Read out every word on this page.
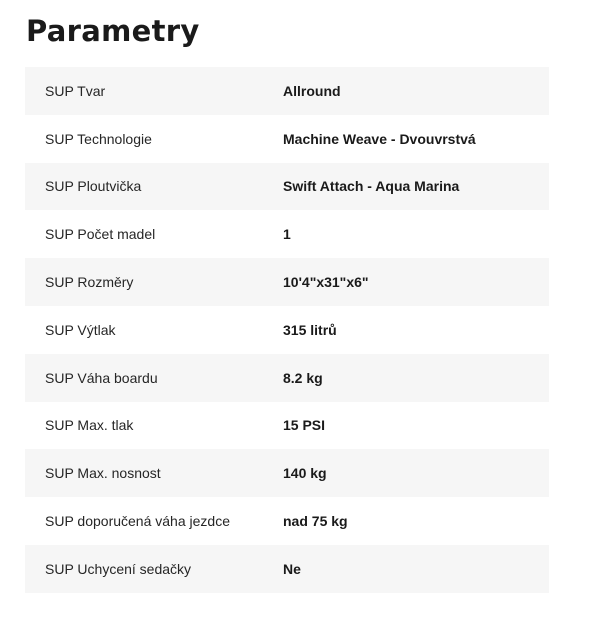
Parametry
SUP Tvar	Allround
SUP Technologie	Machine Weave - Dvouvrstvá
SUP Ploutvička	Swift Attach - Aqua Marina
SUP Počet madel	1
SUP Rozměry	10'4"x31"x6"
SUP Výtlak	315 litrů
SUP Váha boardu	8.2 kg
SUP Max. tlak	15 PSI
SUP Max. nosnost	140 kg
SUP doporučená váha jezdce	nad 75 kg
SUP Uchycení sedačky	Ne
